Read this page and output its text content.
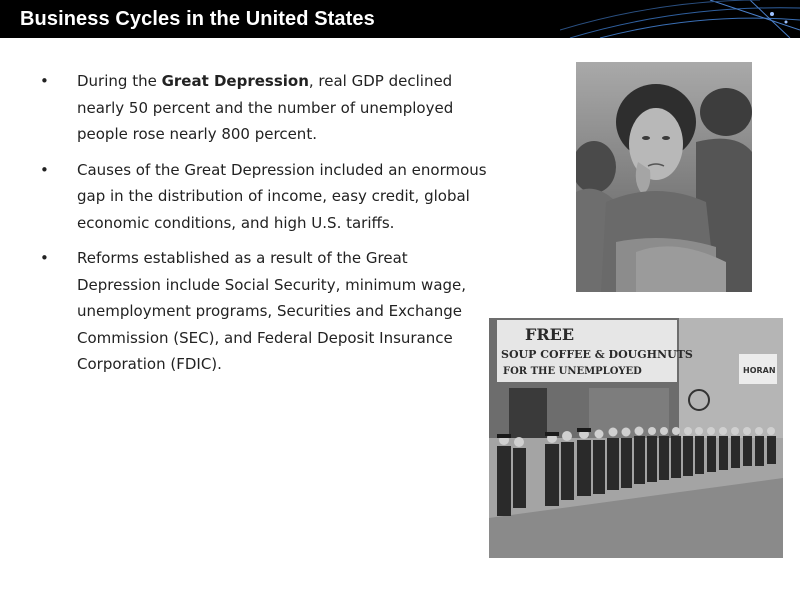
Business Cycles in the United States
• During the Great Depression, real GDP declined nearly 50 percent and the number of unemployed people rose nearly 800 percent.
• Causes of the Great Depression included an enormous gap in the distribution of income, easy credit, global economic conditions, and high U.S. tariffs.
• Reforms established as a result of the Great Depression include Social Security, minimum wage, unemployment programs, Securities and Exchange Commission (SEC), and Federal Deposit Insurance Corporation (FDIC).
FREE
SOUP COFFEE & DOUGHNUTS
FOR THE UNEMPLOYED	HORAN
